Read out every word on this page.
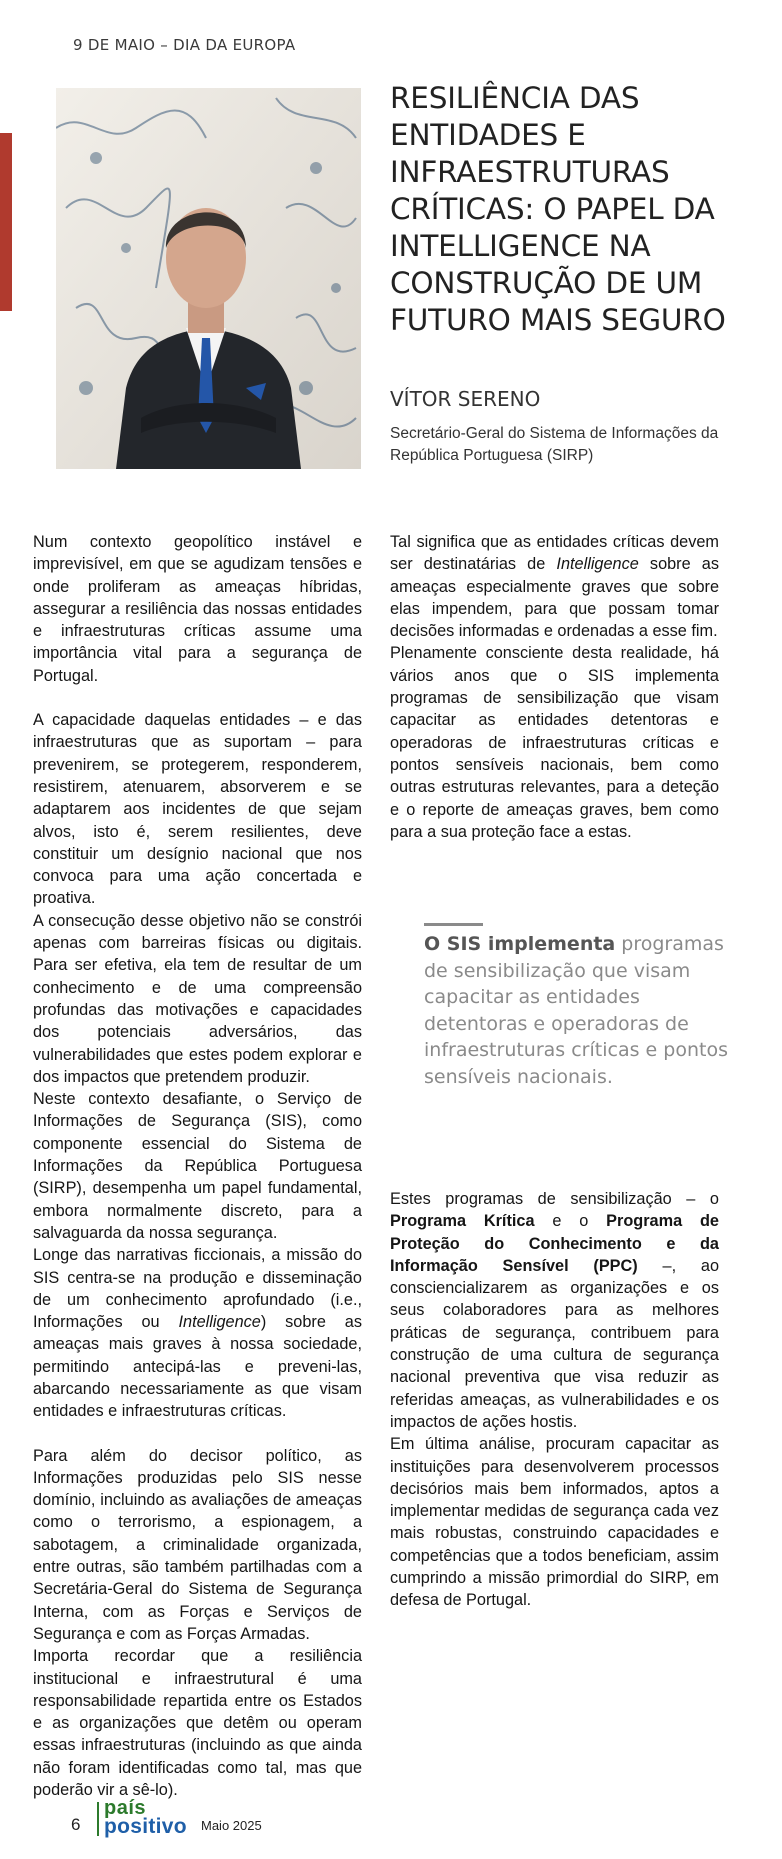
9 DE MAIO – DIA DA EUROPA
RESILIÊNCIA DAS ENTIDADES E INFRAESTRUTURAS CRÍTICAS: O PAPEL DA INTELLIGENCE NA CONSTRUÇÃO DE UM FUTURO MAIS SEGURO
VÍTOR SERENO
Secretário-Geral do Sistema de Informações da República Portuguesa (SIRP)

Num contexto geopolítico instável e imprevisível, em que se agudizam tensões e onde proliferam as ameaças híbridas, assegurar a resiliência das nossas entidades e infraestruturas críticas assume uma importância vital para a segurança de Portugal.

A capacidade daquelas entidades – e das infraestruturas que as suportam – para prevenirem, se protegerem, responderem, resistirem, atenuarem, absorverem e se adaptarem aos incidentes de que sejam alvos, isto é, serem resilientes, deve constituir um desígnio nacional que nos convoca para uma ação concertada e proativa.

A consecução desse objetivo não se constrói apenas com barreiras físicas ou digitais. Para ser efetiva, ela tem de resultar de um conhecimento e de uma compreensão profundas das motivações e capacidades dos potenciais adversários, das vulnerabilidades que estes podem explorar e dos impactos que pretendem produzir.

Neste contexto desafiante, o Serviço de Informações de Segurança (SIS), como componente essencial do Sistema de Informações da República Portuguesa (SIRP), desempenha um papel fundamental, embora normalmente discreto, para a salvaguarda da nossa segurança.

Longe das narrativas ficcionais, a missão do SIS centra-se na produção e disseminação de um conhecimento aprofundado (i.e., Informações ou Intelligence) sobre as ameaças mais graves à nossa sociedade, permitindo antecipá-las e preveni-las, abarcando necessariamente as que visam entidades e infraestruturas críticas.

Para além do decisor político, as Informações produzidas pelo SIS nesse domínio, incluindo as avaliações de ameaças como o terrorismo, a espionagem, a sabotagem, a criminalidade organizada, entre outras, são também partilhadas com a Secretária-Geral do Sistema de Segurança Interna, com as Forças e Serviços de Segurança e com as Forças Armadas.

Importa recordar que a resiliência institucional e infraestrutural é uma responsabilidade repartida entre os Estados e as organizações que detêm ou operam essas infraestruturas (incluindo as que ainda não foram identificadas como tal, mas que poderão vir a sê-lo).

Tal significa que as entidades críticas devem ser destinatárias de Intelligence sobre as ameaças especialmente graves que sobre elas impendem, para que possam tomar decisões informadas e ordenadas a esse fim.

Plenamente consciente desta realidade, há vários anos que o SIS implementa programas de sensibilização que visam capacitar as entidades detentoras e operadoras de infraestruturas críticas e pontos sensíveis nacionais, bem como outras estruturas relevantes, para a deteção e o reporte de ameaças graves, bem como para a sua proteção face a estas.

O SIS implementa programas de sensibilização que visam capacitar as entidades detentoras e operadoras de infraestruturas críticas e pontos sensíveis nacionais.

Estes programas de sensibilização – o Programa Krítica e o Programa de Proteção do Conhecimento e da Informação Sensível (PPC) –, ao consciencializarem as organizações e os seus colaboradores para as melhores práticas de segurança, contribuem para construção de uma cultura de segurança nacional preventiva que visa reduzir as referidas ameaças, as vulnerabilidades e os impactos de ações hostis.

Em última análise, procuram capacitar as instituições para desenvolverem processos decisórios mais bem informados, aptos a implementar medidas de segurança cada vez mais robustas, construindo capacidades e competências que a todos beneficiam, assim cumprindo a missão primordial do SIRP, em defesa de Portugal.

6
país
positivo Maio 2025
